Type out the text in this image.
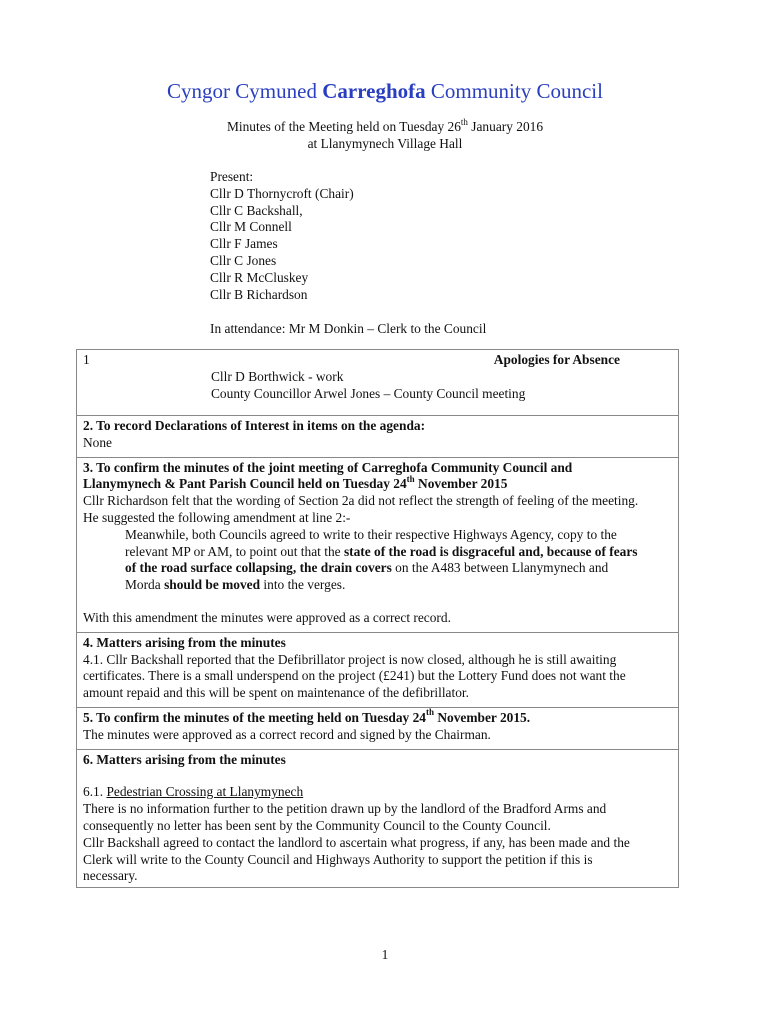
Cyngor Cymuned Carreghofa Community Council
Minutes of the Meeting held on Tuesday 26th January 2016
at Llanymynech Village Hall
Present:
Cllr D Thornycroft (Chair)
Cllr C Backshall,
Cllr M Connell
Cllr F James
Cllr C Jones
Cllr R McCluskey
Cllr B Richardson
In attendance: Mr M Donkin – Clerk to the Council
1	Apologies for Absence
Cllr D Borthwick - work
County Councillor Arwel Jones – County Council meeting

2. To record Declarations of Interest in items on the agenda:
None

3. To confirm the minutes of the joint meeting of Carreghofa Community Council and
Llanymynech & Pant Parish Council held on Tuesday 24th November 2015
Cllr Richardson felt that the wording of Section 2a did not reflect the strength of feeling of the meeting.
He suggested the following amendment at line 2:-
Meanwhile, both Councils agreed to write to their respective Highways Agency, copy to the
relevant MP or AM, to point out that the state of the road is disgraceful and, because of fears
of the road surface collapsing, the drain covers on the A483 between Llanymynech and
Morda should be moved into the verges.
With this amendment the minutes were approved as a correct record.

4. Matters arising from the minutes
4.1. Cllr Backshall reported that the Defibrillator project is now closed, although he is still awaiting
certificates. There is a small underspend on the project (£241) but the Lottery Fund does not want the
amount repaid and this will be spent on maintenance of the defibrillator.

5. To confirm the minutes of the meeting held on Tuesday 24th November 2015.
The minutes were approved as a correct record and signed by the Chairman.

6. Matters arising from the minutes
6.1. Pedestrian Crossing at Llanymynech
There is no information further to the petition drawn up by the landlord of the Bradford Arms and
consequently no letter has been sent by the Community Council to the County Council.
Cllr Backshall agreed to contact the landlord to ascertain what progress, if any, has been made and the
Clerk will write to the County Council and Highways Authority to support the petition if this is
necessary.
1
